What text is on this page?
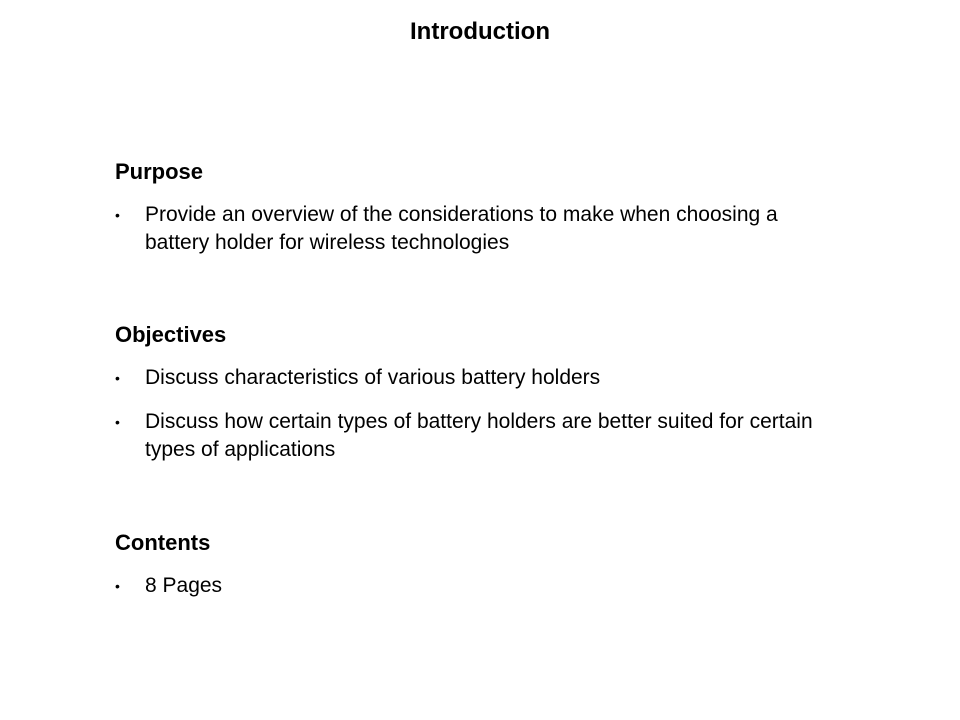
Introduction
Purpose
• Provide an overview of the considerations to make when choosing a battery holder for wireless technologies
Objectives
• Discuss characteristics of various battery holders
• Discuss how certain types of battery holders are better suited for certain types of applications
Contents
• 8 Pages
